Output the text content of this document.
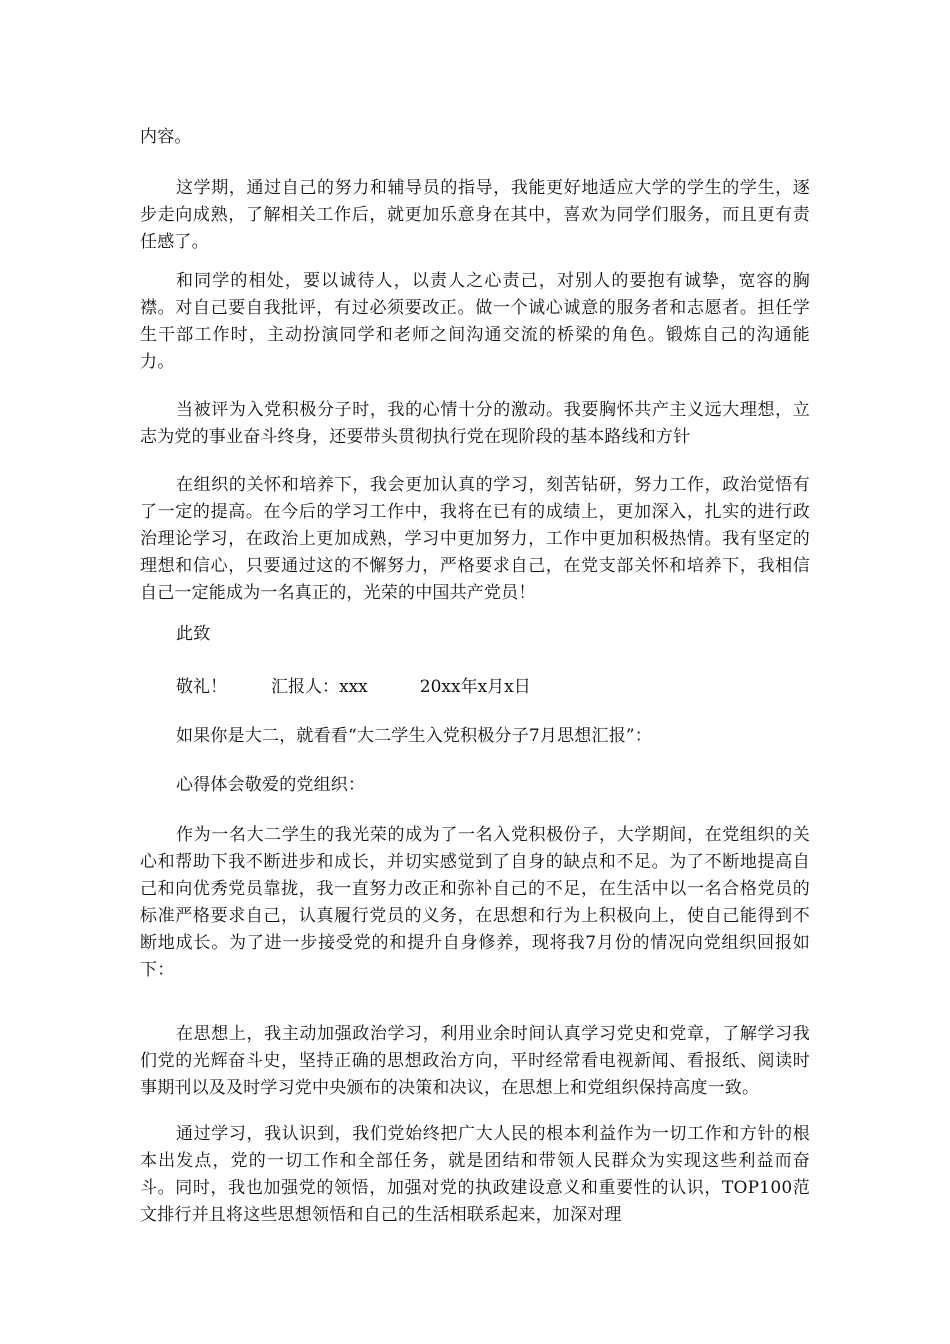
内容。

这学期，通过自己的努力和辅导员的指导，我能更好地适应大学的学生的学生，逐步走向成熟，了解相关工作后，就更加乐意身在其中，喜欢为同学们服务，而且更有责任感了。

和同学的相处，要以诚待人，以责人之心责己，对别人的要抱有诚挚，宽容的胸襟。对自己要自我批评，有过必须要改正。做一个诚心诚意的服务者和志愿者。担任学生干部工作时，主动扮演同学和老师之间沟通交流的桥梁的角色。锻炼自己的沟通能力。

当被评为入党积极分子时，我的心情十分的激动。我要胸怀共产主义远大理想，立志为党的事业奋斗终身，还要带头贯彻执行党在现阶段的基本路线和方针

在组织的关怀和培养下，我会更加认真的学习，刻苦钻研，努力工作，政治觉悟有了一定的提高。在今后的学习工作中，我将在已有的成绩上，更加深入，扎实的进行政治理论学习，在政治上更加成熟，学习中更加努力，工作中更加积极热情。我有坚定的理想和信心，只要通过这的不懈努力，严格要求自己，在党支部关怀和培养下，我相信自己一定能成为一名真正的，光荣的中国共产党员！

此致

敬礼！	汇报人：xxx	20xx年x月x日

如果你是大二，就看看“大二学生入党积极分子7月思想汇报”：

心得体会敬爱的党组织：

作为一名大二学生的我光荣的成为了一名入党积极份子，大学期间，在党组织的关心和帮助下我不断进步和成长，并切实感觉到了自身的缺点和不足。为了不断地提高自己和向优秀党员靠拢，我一直努力改正和弥补自己的不足，在生活中以一名合格党员的标准严格要求自己，认真履行党员的义务，在思想和行为上积极向上，使自己能得到不断地成长。为了进一步接受党的和提升自身修养，现将我7月份的情况向党组织回报如下：

在思想上，我主动加强政治学习，利用业余时间认真学习党史和党章，了解学习我们党的光辉奋斗史，坚持正确的思想政治方向，平时经常看电视新闻、看报纸、阅读时事期刊以及及时学习党中央颁布的决策和决议，在思想上和党组织保持高度一致。

通过学习，我认识到，我们党始终把广大人民的根本利益作为一切工作和方针的根本出发点，党的一切工作和全部任务，就是团结和带领人民群众为实现这些利益而奋斗。同时，我也加强党的领悟，加强对党的执政建设意义和重要性的认识，TOP100范文排行并且将这些思想领悟和自己的生活相联系起来，加深对理
